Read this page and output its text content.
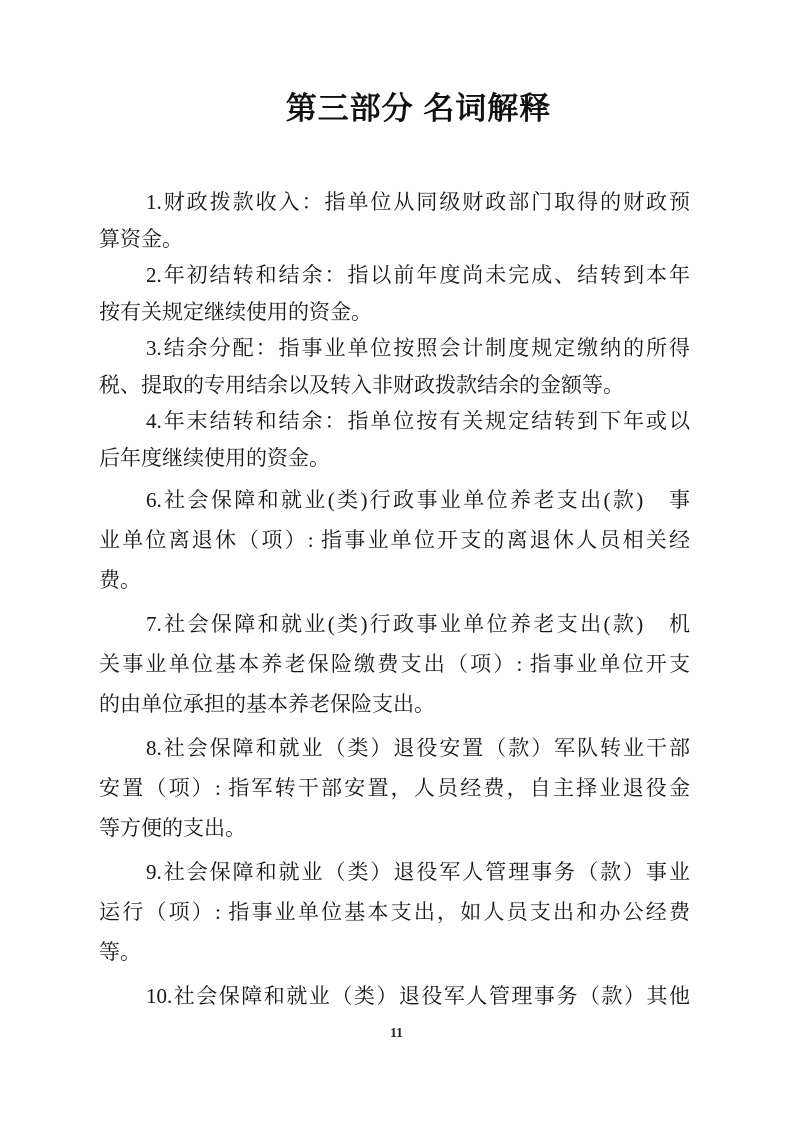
第三部分 名词解释

1.财政拨款收入：指单位从同级财政部门取得的财政预
算资金。

2.年初结转和结余：指以前年度尚未完成、结转到本年
按有关规定继续使用的资金。

3.结余分配：指事业单位按照会计制度规定缴纳的所得
税、提取的专用结余以及转入非财政拨款结余的金额等。

4.年末结转和结余：指单位按有关规定结转到下年或以
后年度继续使用的资金。

6.社会保障和就业(类)行政事业单位养老支出(款)　事
业单位离退休（项）: 指事业单位开支的离退休人员相关经
费。

7.社会保障和就业(类)行政事业单位养老支出(款)　机
关事业单位基本养老保险缴费支出（项）: 指事业单位开支
的由单位承担的基本养老保险支出。

8.社会保障和就业（类）退役安置（款）军队转业干部
安置（项）: 指军转干部安置，人员经费，自主择业退役金
等方便的支出。

9.社会保障和就业（类）退役军人管理事务（款）事业
运行（项）: 指事业单位基本支出，如人员支出和办公经费
等。

10.社会保障和就业（类）退役军人管理事务（款）其他

11
